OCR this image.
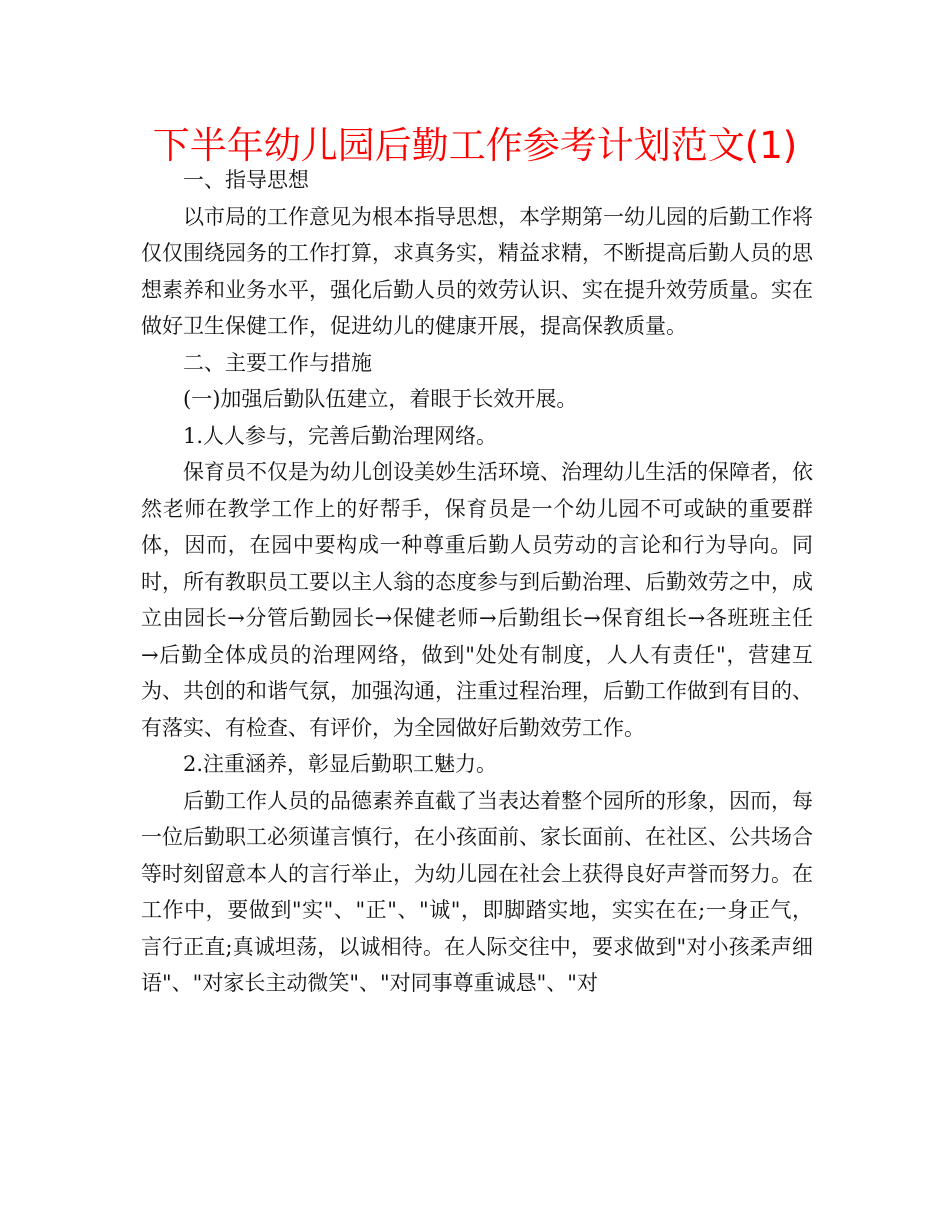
下半年幼儿园后勤工作参考计划范文(1)

一、指导思想

以市局的工作意见为根本指导思想，本学期第一幼儿园的后勤工作将仅仅围绕园务的工作打算，求真务实，精益求精，不断提高后勤人员的思想素养和业务水平，强化后勤人员的效劳认识、实在提升效劳质量。实在做好卫生保健工作，促进幼儿的健康开展，提高保教质量。

二、主要工作与措施

(一)加强后勤队伍建立，着眼于长效开展。

1.人人参与，完善后勤治理网络。

保育员不仅是为幼儿创设美妙生活环境、治理幼儿生活的保障者，依然老师在教学工作上的好帮手，保育员是一个幼儿园不可或缺的重要群体，因而，在园中要构成一种尊重后勤人员劳动的言论和行为导向。同时，所有教职员工要以主人翁的态度参与到后勤治理、后勤效劳之中，成立由园长→分管后勤园长→保健老师→后勤组长→保育组长→各班班主任→后勤全体成员的治理网络，做到"处处有制度，人人有责任"，营建互为、共创的和谐气氛，加强沟通，注重过程治理，后勤工作做到有目的、有落实、有检查、有评价，为全园做好后勤效劳工作。

2.注重涵养，彰显后勤职工魅力。

后勤工作人员的品德素养直截了当表达着整个园所的形象，因而，每一位后勤职工必须谨言慎行，在小孩面前、家长面前、在社区、公共场合等时刻留意本人的言行举止，为幼儿园在社会上获得良好声誉而努力。在工作中，要做到"实"、"正"、"诚"，即脚踏实地，实实在在;一身正气，言行正直;真诚坦荡，以诚相待。在人际交往中，要求做到"对小孩柔声细语"、"对家长主动微笑"、"对同事尊重诚恳"、"对
